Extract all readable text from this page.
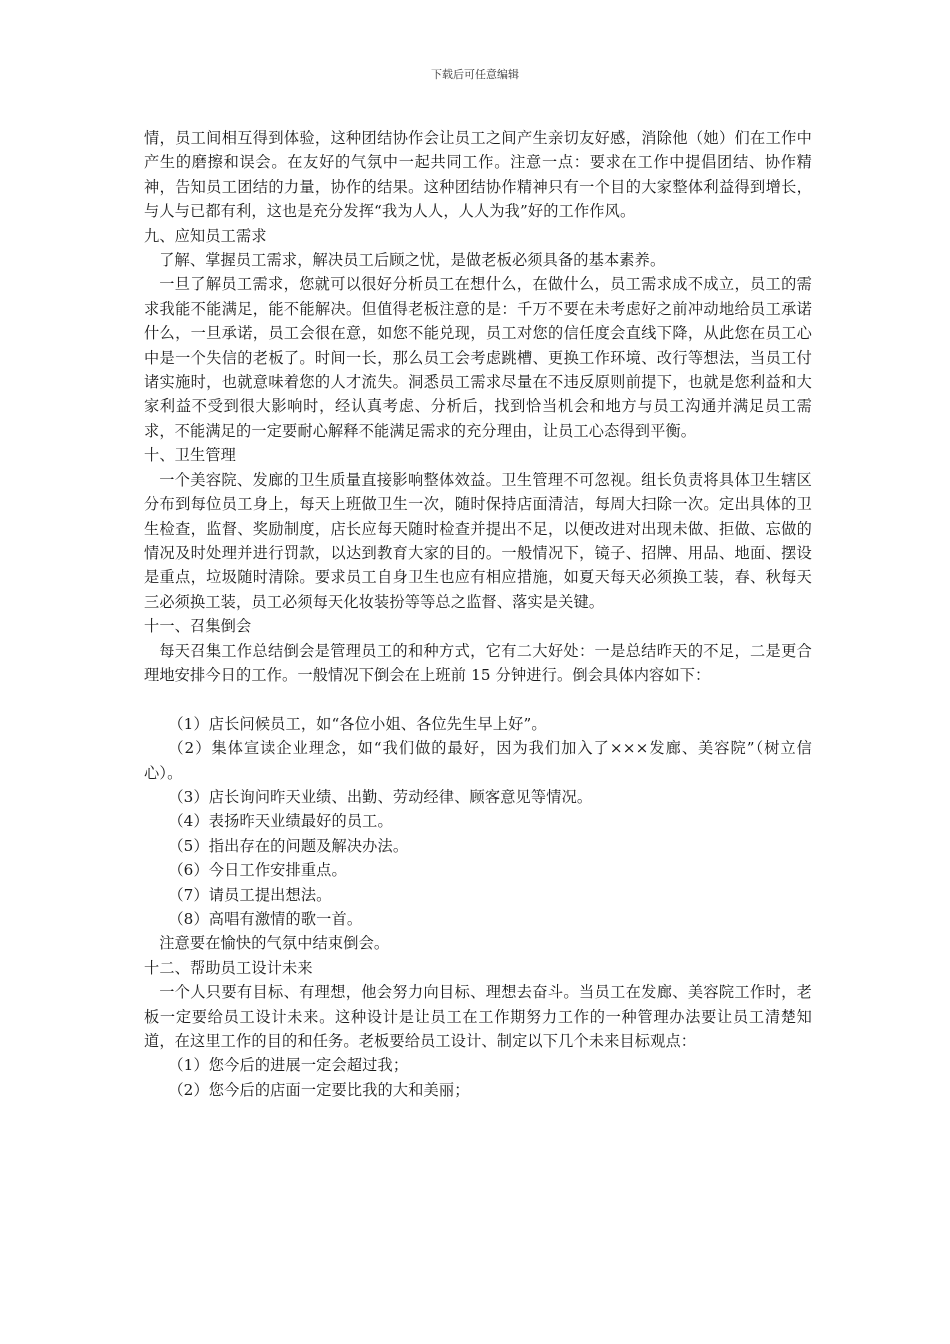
下载后可任意编辑

情，员工间相互得到体验，这种团结协作会让员工之间产生亲切友好感，消除他（她）们在工作中产生的磨擦和误会。在友好的气氛中一起共同工作。注意一点：要求在工作中提倡团结、协作精神，告知员工团结的力量，协作的结果。这种团结协作精神只有一个目的大家整体利益得到增长，与人与已都有利，这也是充分发挥“我为人人，人人为我”好的工作作风。

九、应知员工需求

了解、掌握员工需求，解决员工后顾之忧，是做老板必须具备的基本素养。

一旦了解员工需求，您就可以很好分析员工在想什么，在做什么，员工需求成不成立，员工的需求我能不能满足，能不能解决。但值得老板注意的是：千万不要在未考虑好之前冲动地给员工承诺什么，一旦承诺，员工会很在意，如您不能兑现，员工对您的信任度会直线下降，从此您在员工心中是一个失信的老板了。时间一长，那么员工会考虑跳槽、更换工作环境、改行等想法，当员工付诸实施时，也就意味着您的人才流失。洞悉员工需求尽量在不违反原则前提下，也就是您利益和大家利益不受到很大影响时，经认真考虑、分析后，找到恰当机会和地方与员工沟通并满足员工需求，不能满足的一定要耐心解释不能满足需求的充分理由，让员工心态得到平衡。

十、卫生管理

一个美容院、发廊的卫生质量直接影响整体效益。卫生管理不可忽视。组长负责将具体卫生辖区分布到每位员工身上，每天上班做卫生一次，随时保持店面清洁，每周大扫除一次。定出具体的卫生检查，监督、奖励制度，店长应每天随时检查并提出不足，以便改进对出现未做、拒做、忘做的情况及时处理并进行罚款，以达到教育大家的目的。一般情况下，镜子、招牌、用品、地面、摆设是重点，垃圾随时清除。要求员工自身卫生也应有相应措施，如夏天每天必须换工装，春、秋每天三必须换工装，员工必须每天化妆装扮等等总之监督、落实是关键。

十一、召集倒会

每天召集工作总结倒会是管理员工的和种方式，它有二大好处：一是总结昨天的不足，二是更合理地安排今日的工作。一般情况下倒会在上班前 15 分钟进行。倒会具体内容如下：

（1）店长问候员工，如“各位小姐、各位先生早上好”。

（2）集体宣读企业理念，如“我们做的最好，因为我们加入了×××发廊、美容院”（树立信心）。

（3）店长询问昨天业绩、出勤、劳动经律、顾客意见等情况。

（4）表扬昨天业绩最好的员工。

（5）指出存在的问题及解决办法。

（6）今日工作安排重点。

（7）请员工提出想法。

（8）高唱有激情的歌一首。

注意要在愉快的气氛中结束倒会。

十二、帮助员工设计未来

一个人只要有目标、有理想，他会努力向目标、理想去奋斗。当员工在发廊、美容院工作时，老板一定要给员工设计未来。这种设计是让员工在工作期努力工作的一种管理办法要让员工清楚知道，在这里工作的目的和任务。老板要给员工设计、制定以下几个未来目标观点：

（1）您今后的进展一定会超过我；

（2）您今后的店面一定要比我的大和美丽；
